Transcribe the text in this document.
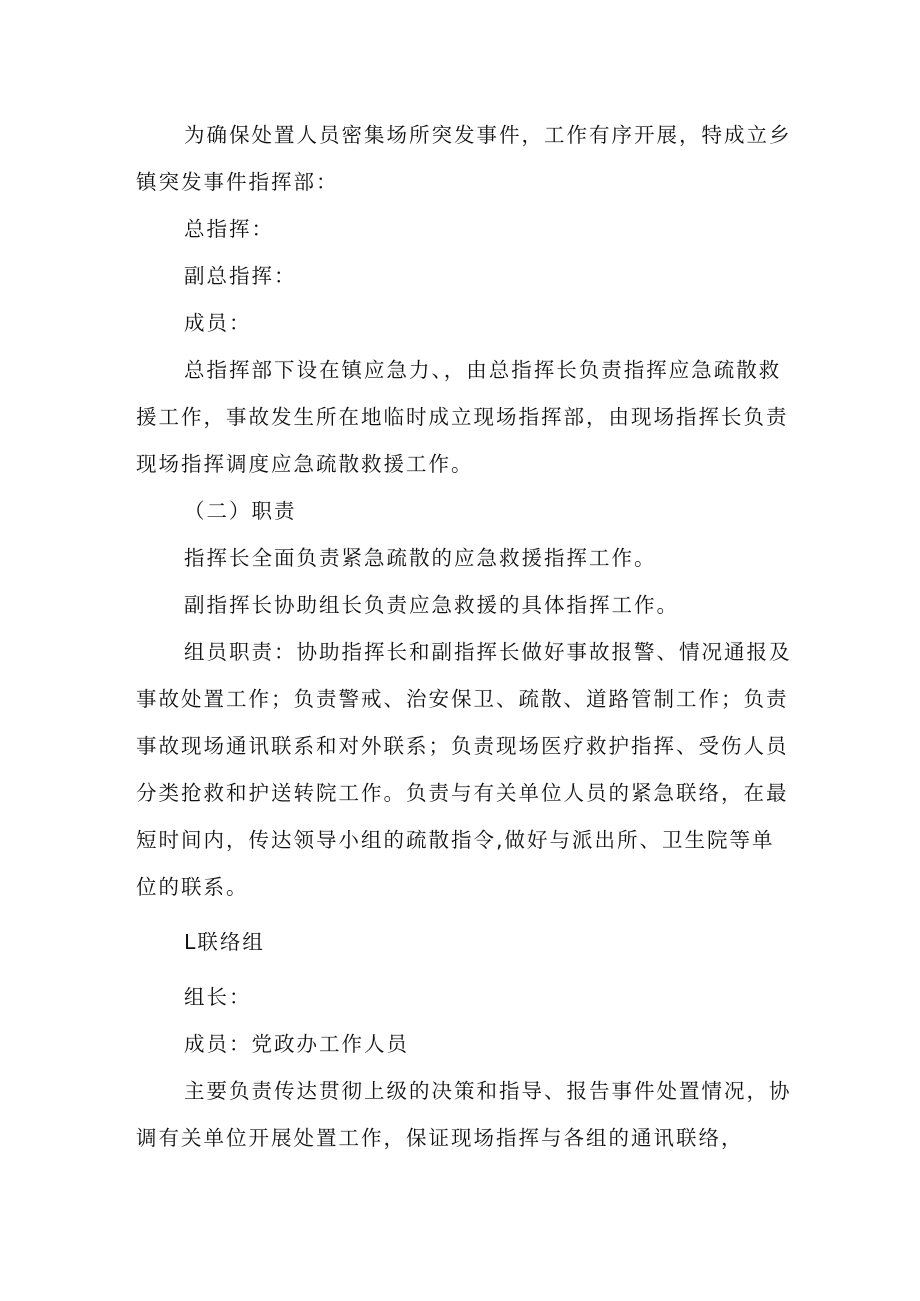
为确保处置人员密集场所突发事件，工作有序开展，特成立乡镇突发事件指挥部：

总指挥：

副总指挥：

成员：

总指挥部下设在镇应急力、，由总指挥长负责指挥应急疏散救援工作，事故发生所在地临时成立现场指挥部，由现场指挥长负责现场指挥调度应急疏散救援工作。

（二）职责

指挥长全面负责紧急疏散的应急救援指挥工作。

副指挥长协助组长负责应急救援的具体指挥工作。

组员职责：协助指挥长和副指挥长做好事故报警、情况通报及事故处置工作；负责警戒、治安保卫、疏散、道路管制工作；负责事故现场通讯联系和对外联系；负责现场医疗救护指挥、受伤人员分类抢救和护送转院工作。负责与有关单位人员的紧急联络，在最短时间内，传达领导小组的疏散指令,做好与派出所、卫生院等单位的联系。

L联络组

组长：

成员：党政办工作人员

主要负责传达贯彻上级的决策和指导、报告事件处置情况，协调有关单位开展处置工作，保证现场指挥与各组的通讯联络，
